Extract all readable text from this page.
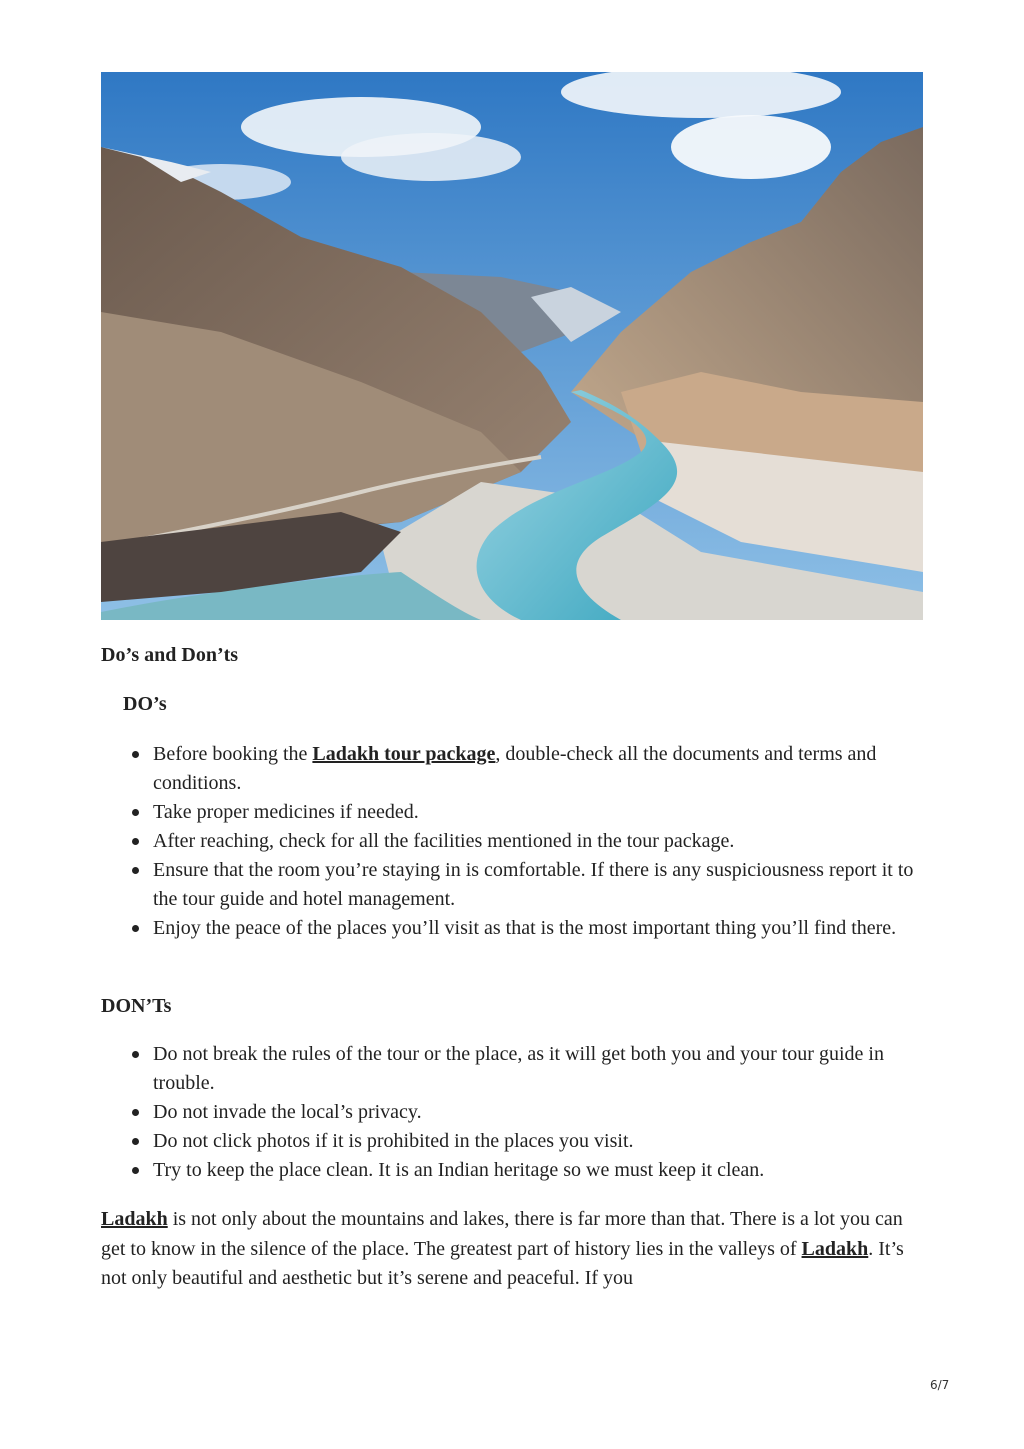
Do’s and Don’ts

DO’s

Before booking the Ladakh tour package, double-check all the documents and terms and conditions.
Take proper medicines if needed.
After reaching, check for all the facilities mentioned in the tour package.
Ensure that the room you’re staying in is comfortable. If there is any suspiciousness report it to the tour guide and hotel management.
Enjoy the peace of the places you’ll visit as that is the most important thing you’ll find there.

DON’Ts

Do not break the rules of the tour or the place, as it will get both you and your tour guide in trouble.
Do not invade the local’s privacy.
Do not click photos if it is prohibited in the places you visit.
Try to keep the place clean. It is an Indian heritage so we must keep it clean.

Ladakh is not only about the mountains and lakes, there is far more than that. There is a lot you can get to know in the silence of the place. The greatest part of history lies in the valleys of Ladakh. It’s not only beautiful and aesthetic but it’s serene and peaceful. If you

6/7
